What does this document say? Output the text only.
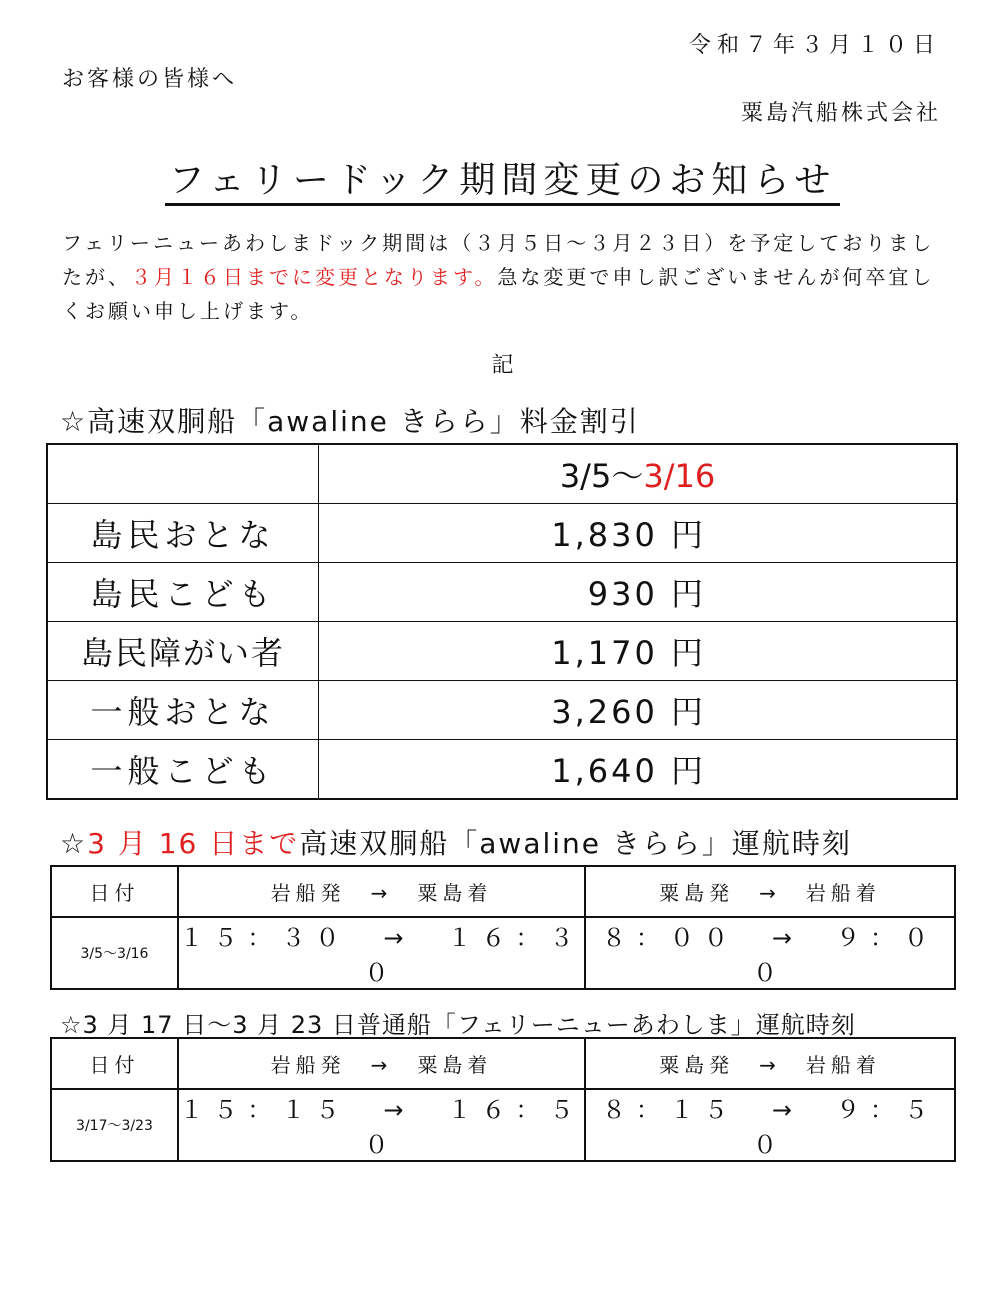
令和７年３月１０日
お客様の皆様へ
粟島汽船株式会社
フェリードック期間変更のお知らせ
フェリーニューあわしまドック期間は（３月５日～３月２３日）を予定しておりましたが、３月１６日までに変更となります。急な変更で申し訳ございませんが何卒宜しくお願い申し上げます。
記
☆高速双胴船「awaline きらら」料金割引
	3/5～3/16
島民おとな	1,830 円
島民こども	930 円
島民障がい者	1,170 円
一般おとな	3,260 円
一般こども	1,640 円
☆3 月 16 日まで高速双胴船「awaline きらら」運航時刻
日付	岩船発　→　粟島着	粟島発　→　岩船着
3/5～3/16	１５：３０　→　１６：３０	８：００　→　９：００
☆3 月 17 日～3 月 23 日普通船「フェリーニューあわしま」運航時刻
日付	岩船発　→　粟島着	粟島発　→　岩船着
3/17～3/23	１５：１５　→　１６：５０	８：１５　→　９：５０
